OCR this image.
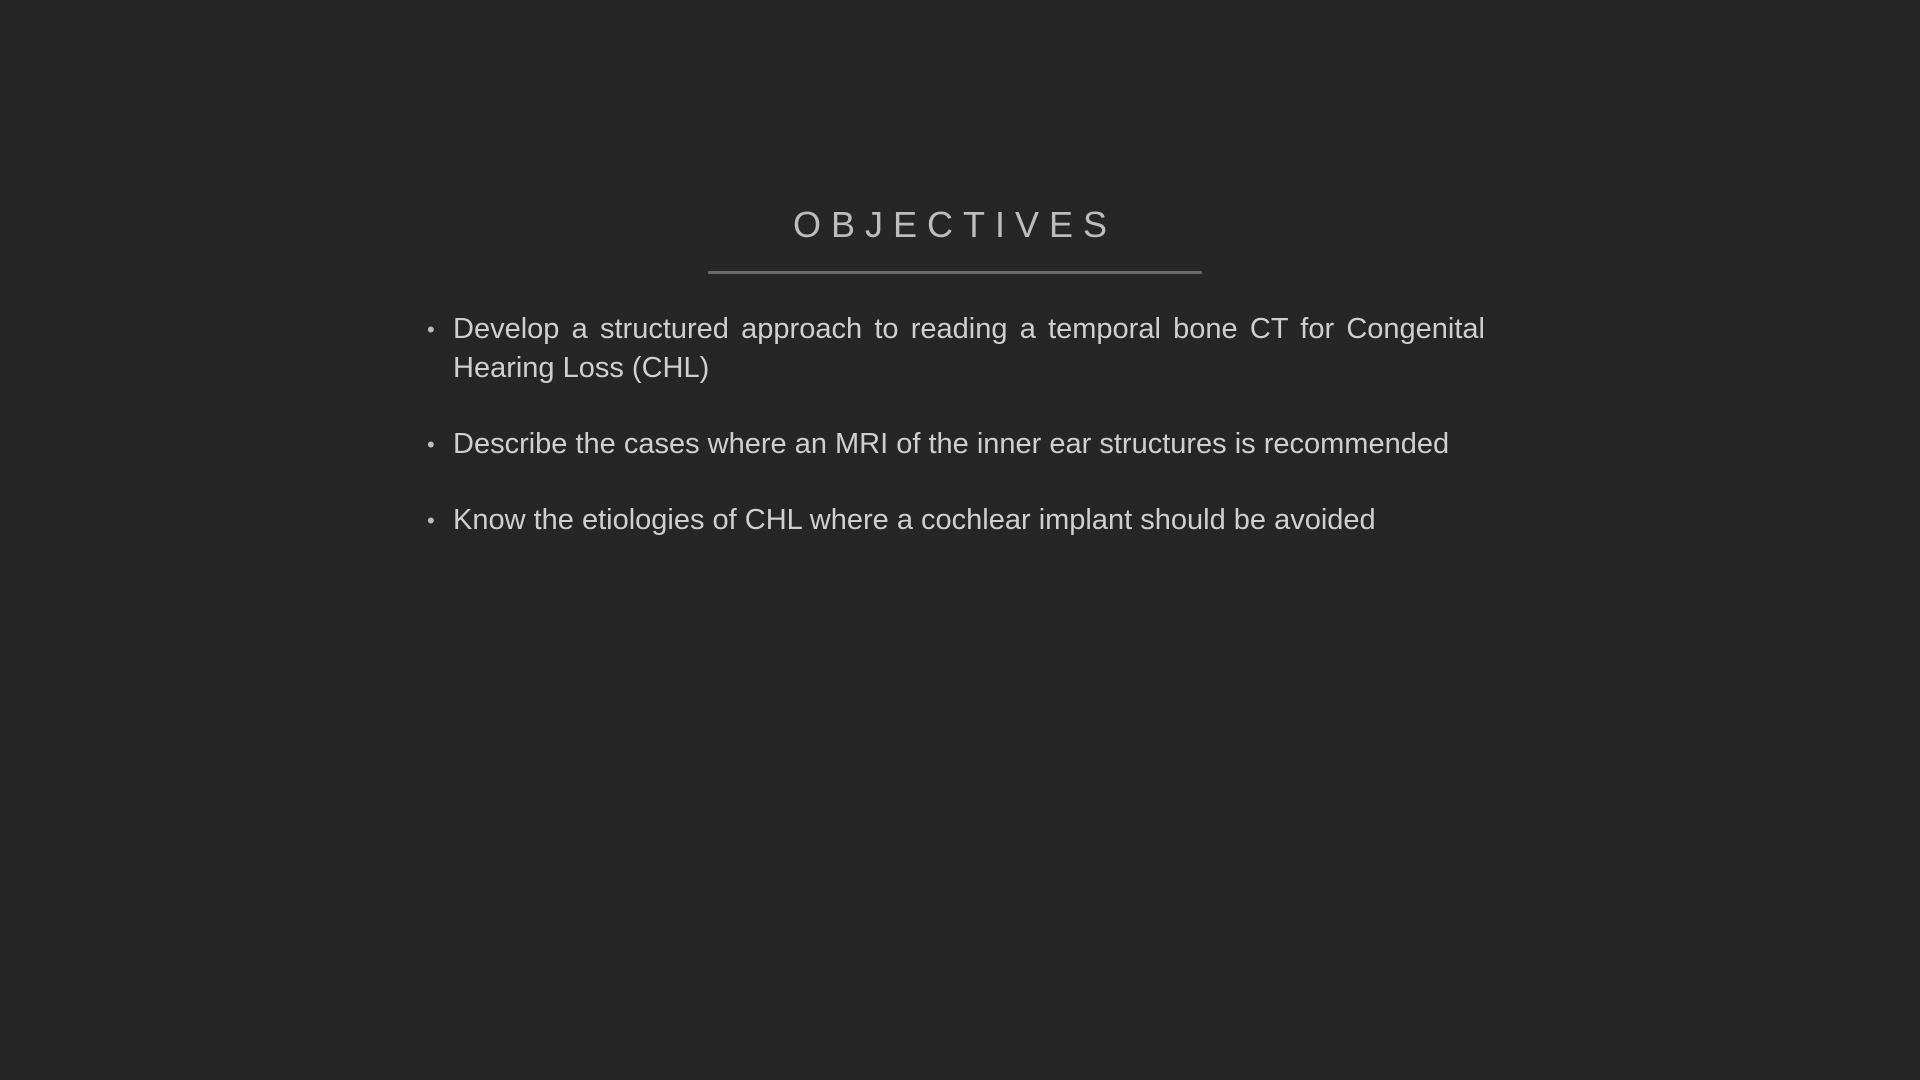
OBJECTIVES
• Develop a structured approach to reading a temporal bone CT for Congenital Hearing Loss (CHL)
• Describe the cases where an MRI of the inner ear structures is recommended
• Know the etiologies of CHL where a cochlear implant should be avoided
